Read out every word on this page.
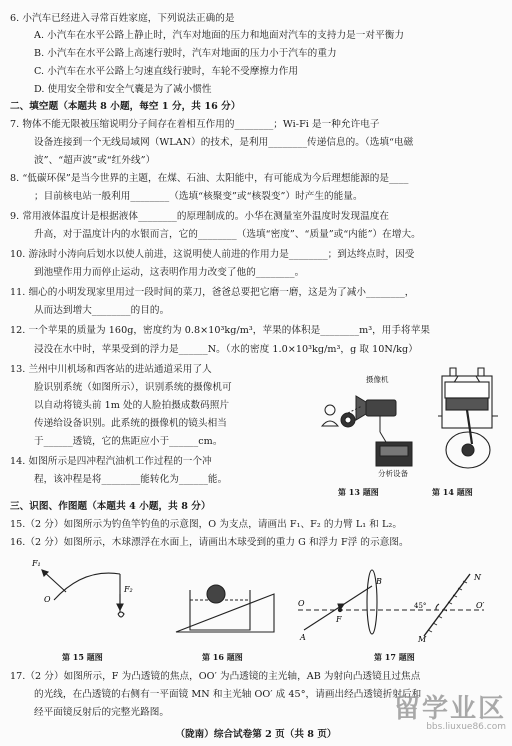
6. 小汽车已经进入寻常百姓家庭，下列说法正确的是
A. 小汽车在水平公路上静止时，汽车对地面的压力和地面对汽车的支持力是一对平衡力
B. 小汽车在水平公路上高速行驶时，汽车对地面的压力小于汽车的重力
C. 小汽车在水平公路上匀速直线行驶时，车轮不受摩擦力作用
D. 使用安全带和安全气囊是为了减小惯性
二、填空题（本题共 8 小题，每空 1 分，共 16 分）
7. 物体不能无限被压缩说明分子间存在着相互作用的________；Wi-Fi 是一种允许电子
设备连接到一个无线局域网（WLAN）的技术，是利用________传递信息的。（选填“电磁
波”、“超声波”或“红外线”）
8. “低碳环保”是当今世界的主题，在煤、石油、太阳能中，有可能成为今后理想能源的是____
；目前核电站一般利用________（选填“核聚变”或“核裂变”）时产生的能量。
9. 常用液体温度计是根据液体________的原理制成的。小华在测量室外温度时发现温度在
升高，对于温度计内的水银而言，它的________（选填“密度”、“质量”或“内能”）在增大。
10. 游泳时小涛向后划水以使人前进，这说明使人前进的作用力是________；到达终点时，因受
到池壁作用力而停止运动，这表明作用力改变了他的________。
11. 细心的小明发现家里用过一段时间的菜刀，爸爸总要把它磨一磨，这是为了减小________，
从而达到增大________的目的。
12. 一个苹果的质量为 160g，密度约为 0.8×10³kg/m³，苹果的体积是________m³，用手将苹果
浸没在水中时，苹果受到的浮力是______N。（水的密度 1.0×10³kg/m³，g 取 10N/kg）
13. 兰州中川机场和西客站的进站通道采用了人
脸识别系统（如图所示），识别系统的摄像机可
以自动将镜头前 1m 处的人脸拍摄成数码照片
传递给设备识别。此系统的摄像机的镜头相当
于______透镜，它的焦距应小于______cm。
14. 如图所示是四冲程汽油机工作过程的一个冲
程，该冲程是将________能转化为______能。
摄像机
分析设备
第 13 题图	第 14 题图
三、识图、作图题（本题共 4 小题，共 8 分）
15.（2 分）如图所示为钓鱼竿钓鱼的示意图，O 为支点，请画出 F₁、F₂ 的力臂 L₁ 和 L₂。
16.（2 分）如图所示，木球漂浮在水面上，请画出木球受到的重力 G 和浮力 F浮 的示意图。
F₁
F₂
O
第 15 题图	第 16 题图
B	N
F
O	O′
A	M
45°
第 17 题图
17.（2 分）如图所示，F 为凸透镜的焦点，OO′ 为凸透镜的主光轴，AB 为射向凸透镜且过焦点
的光线，在凸透镜的右侧有一平面镜 MN 和主光轴 OO′ 成 45°，请画出经凸透镜折射后和
经平面镜反射后的完整光路图。
（陇南）综合试卷第 2 页（共 8 页）
留学业区
bbs.liuxue86.com
